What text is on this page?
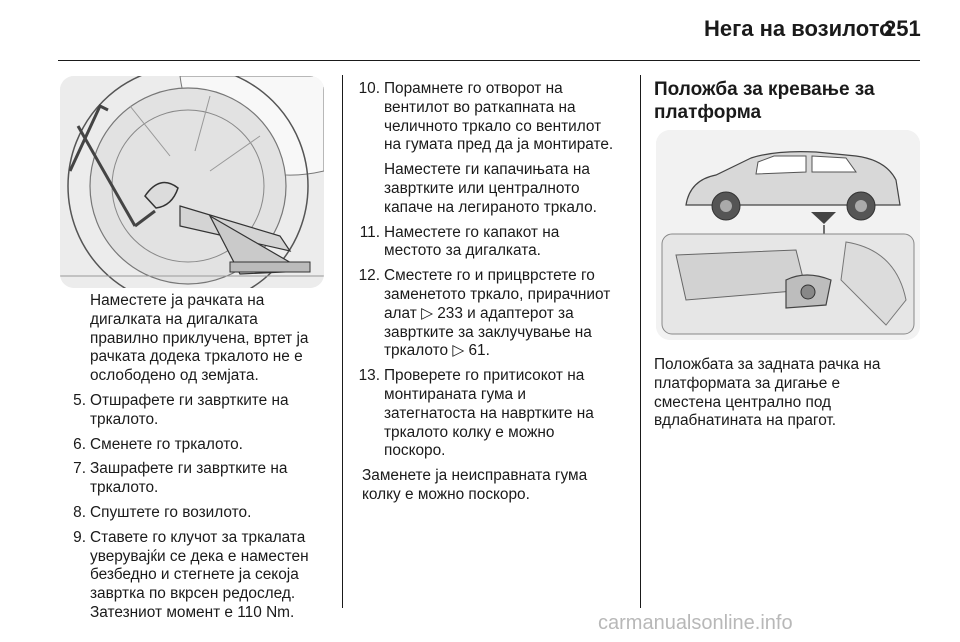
Нега на возилото
251
Наместете ја рачката на
дигалката на дигалката
правилно приклучена, вртет ја
рачката додека тркалото не е
ослободено од земјата.
5. Отшрафете ги завртките на
тркалото.
6. Сменете го тркалото.
7. Зашрафете ги завртките на
тркалото.
8. Спуштете го возилото.
9. Ставете го клучот за тркалата
уверувајќи се дека е наместен
безбедно и стегнете ја секоја
завртка по вкрсен редослед.
Затезниот момент е 110 Nm.
10. Порамнете го отворот на
вентилот во раткапната на
челичното тркало со вентилот
на гумата пред да ја монтирате.
Наместете ги капачињата на
завртките или централното
капаче на легираното тркало.
11. Наместете го капакот на
местото за дигалката.
12. Сместете го и прицврстете го
заменетото тркало, прирачниот
алат ▷ 233 и адаптерот за
завртките за заклучување на
тркалото ▷ 61.
13. Проверете го притисокот на
монтираната гума и
затегнатоста на навртките на
тркалото колку е можно
поскоро.
Заменете ја неисправната гума
колку е можно поскоро.
Положба за кревање за
платформа

Положбата за задната рачка на
платформата за дигање е
сместена централно под
вдлабнатината на прагот.

carmanualsonline.info
